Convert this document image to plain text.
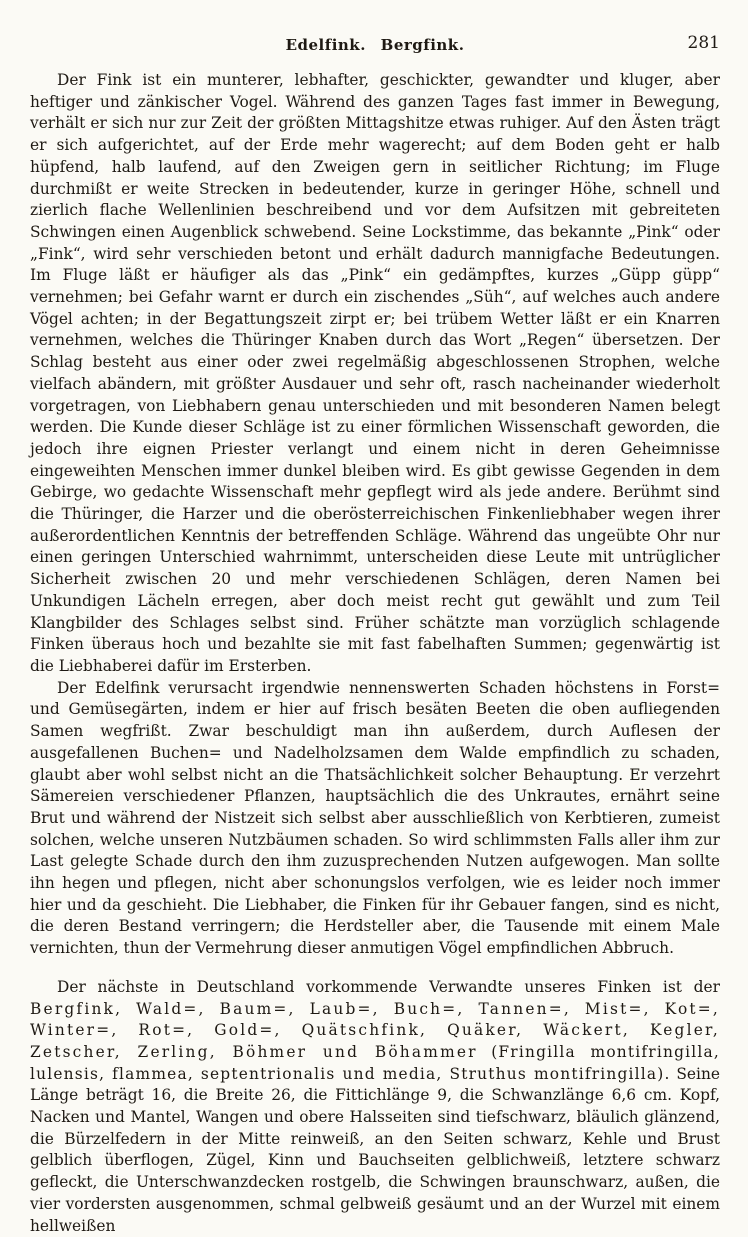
Edelfink. Bergfink.	281

Der Fink ist ein munterer, lebhafter, geschickter, gewandter und kluger, aber heftiger und zänkischer Vogel. Während des ganzen Tages fast immer in Bewegung, verhält er sich nur zur Zeit der größten Mittagshitze etwas ruhiger. Auf den Ästen trägt er sich aufgerichtet, auf der Erde mehr wagerecht; auf dem Boden geht er halb hüpfend, halb laufend, auf den Zweigen gern in seitlicher Richtung; im Fluge durchmißt er weite Strecken in bedeutender, kurze in geringer Höhe, schnell und zierlich flache Wellenlinien beschreibend und vor dem Aufsitzen mit gebreiteten Schwingen einen Augenblick schwebend. Seine Lockstimme, das bekannte „Pink“ oder „Fink“, wird sehr verschieden betont und erhält dadurch mannigfache Bedeutungen. Im Fluge läßt er häufiger als das „Pink“ ein gedämpftes, kurzes „Güpp güpp“ vernehmen; bei Gefahr warnt er durch ein zischendes „Süh“, auf welches auch andere Vögel achten; in der Begattungszeit zirpt er; bei trübem Wetter läßt er ein Knarren vernehmen, welches die Thüringer Knaben durch das Wort „Regen“ übersetzen. Der Schlag besteht aus einer oder zwei regelmäßig abgeschlossenen Strophen, welche vielfach abändern, mit größter Ausdauer und sehr oft, rasch nacheinander wiederholt vorgetragen, von Liebhabern genau unterschieden und mit besonderen Namen belegt werden. Die Kunde dieser Schläge ist zu einer förmlichen Wissenschaft geworden, die jedoch ihre eignen Priester verlangt und einem nicht in deren Geheimnisse eingeweihten Menschen immer dunkel bleiben wird. Es gibt gewisse Gegenden in dem Gebirge, wo gedachte Wissenschaft mehr gepflegt wird als jede andere. Berühmt sind die Thüringer, die Harzer und die oberösterreichischen Finkenliebhaber wegen ihrer außerordentlichen Kenntnis der betreffenden Schläge. Während das ungeübte Ohr nur einen geringen Unterschied wahrnimmt, unterscheiden diese Leute mit untrüglicher Sicherheit zwischen 20 und mehr verschiedenen Schlägen, deren Namen bei Unkundigen Lächeln erregen, aber doch meist recht gut gewählt und zum Teil Klangbilder des Schlages selbst sind. Früher schätzte man vorzüglich schlagende Finken überaus hoch und bezahlte sie mit fast fabelhaften Summen; gegenwärtig ist die Liebhaberei dafür im Ersterben.

Der Edelfink verursacht irgendwie nennenswerten Schaden höchstens in Forst= und Gemüsegärten, indem er hier auf frisch besäten Beeten die oben aufliegenden Samen wegfrißt. Zwar beschuldigt man ihn außerdem, durch Auflesen der ausgefallenen Buchen= und Nadelholzsamen dem Walde empfindlich zu schaden, glaubt aber wohl selbst nicht an die Thatsächlichkeit solcher Behauptung. Er verzehrt Sämereien verschiedener Pflanzen, hauptsächlich die des Unkrautes, ernährt seine Brut und während der Nistzeit sich selbst aber ausschließlich von Kerbtieren, zumeist solchen, welche unseren Nutzbäumen schaden. So wird schlimmsten Falls aller ihm zur Last gelegte Schade durch den ihm zuzusprechenden Nutzen aufgewogen. Man sollte ihn hegen und pflegen, nicht aber schonungslos verfolgen, wie es leider noch immer hier und da geschieht. Die Liebhaber, die Finken für ihr Gebauer fangen, sind es nicht, die deren Bestand verringern; die Herdsteller aber, die Tausende mit einem Male vernichten, thun der Vermehrung dieser anmutigen Vögel empfindlichen Abbruch.

Der nächste in Deutschland vorkommende Verwandte unseres Finken ist der Bergfink, Wald=, Baum=, Laub=, Buch=, Tannen=, Mist=, Kot=, Winter=, Rot=, Gold=, Quätschfink, Quäker, Wäckert, Kegler, Zetscher, Zerling, Böhmer und Böhammer (Fringilla montifringilla, lulensis, flammea, septentrionalis und media, Struthus montifringilla). Seine Länge beträgt 16, die Breite 26, die Fittichlänge 9, die Schwanzlänge 6,6 cm. Kopf, Nacken und Mantel, Wangen und obere Halsseiten sind tiefschwarz, bläulich glänzend, die Bürzelfedern in der Mitte reinweiß, an den Seiten schwarz, Kehle und Brust gelblich überflogen, Zügel, Kinn und Bauchseiten gelblichweiß, letztere schwarz gefleckt, die Unterschwanzdecken rostgelb, die Schwingen braunschwarz, außen, die vier vordersten ausgenommen, schmal gelbweiß gesäumt und an der Wurzel mit einem hellweißen
